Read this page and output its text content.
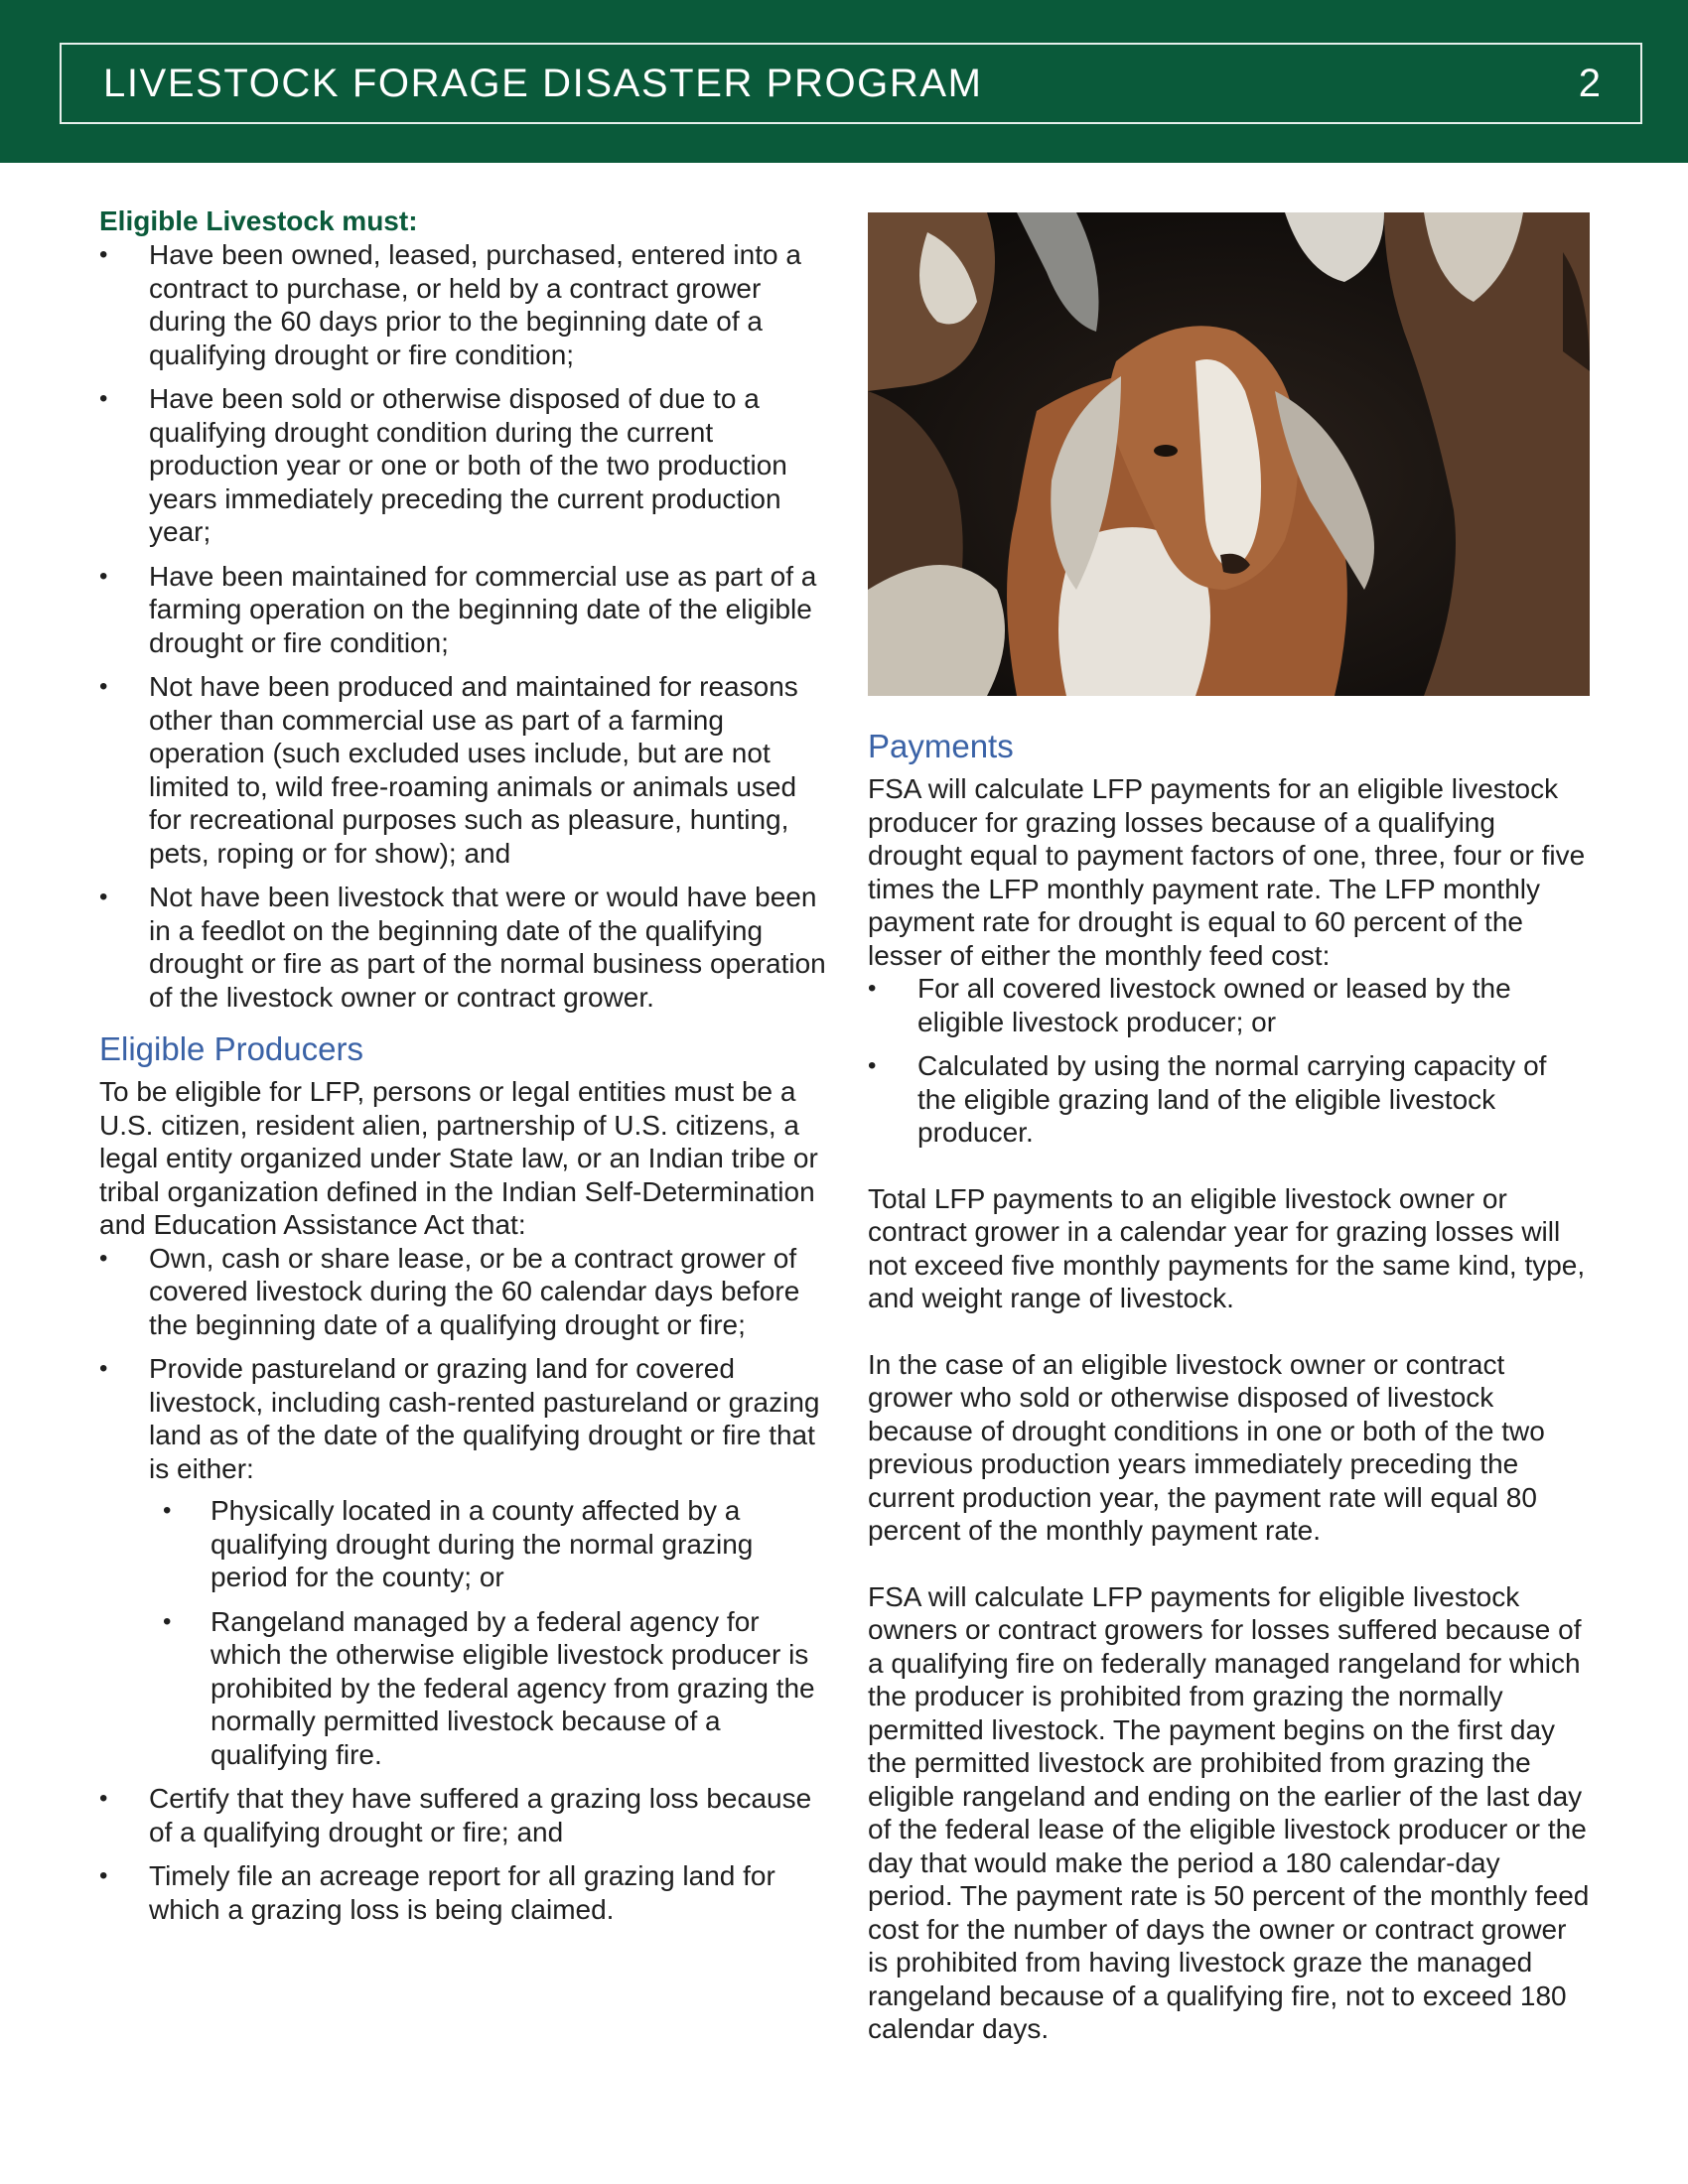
LIVESTOCK FORAGE DISASTER PROGRAM	2
Eligible Livestock must:
• Have been owned, leased, purchased, entered into a contract to purchase, or held by a contract grower during the 60 days prior to the beginning date of a qualifying drought or fire condition;
• Have been sold or otherwise disposed of due to a qualifying drought condition during the current production year or one or both of the two production years immediately preceding the current production year;
• Have been maintained for commercial use as part of a farming operation on the beginning date of the eligible drought or fire condition;
• Not have been produced and maintained for reasons other than commercial use as part of a farming operation (such excluded uses include, but are not limited to, wild free-roaming animals or animals used for recreational purposes such as pleasure, hunting, pets, roping or for show); and
• Not have been livestock that were or would have been in a feedlot on the beginning date of the qualifying drought or fire as part of the normal business operation of the livestock owner or contract grower.
Eligible Producers

To be eligible for LFP, persons or legal entities must be a U.S. citizen, resident alien, partnership of U.S. citizens, a legal entity organized under State law, or an Indian tribe or tribal organization defined in the Indian Self-Determination and Education Assistance Act that:

• Own, cash or share lease, or be a contract grower of covered livestock during the 60 calendar days before the beginning date of a qualifying drought or fire;
• Provide pastureland or grazing land for covered livestock, including cash-rented pastureland or grazing land as of the date of the qualifying drought or fire that is either:
• Physically located in a county affected by a qualifying drought during the normal grazing period for the county; or
• Rangeland managed by a federal agency for which the otherwise eligible livestock producer is prohibited by the federal agency from grazing the normally permitted livestock because of a qualifying fire.
• Certify that they have suffered a grazing loss because of a qualifying drought or fire; and
• Timely file an acreage report for all grazing land for which a grazing loss is being claimed.
Payments

FSA will calculate LFP payments for an eligible livestock producer for grazing losses because of a qualifying drought equal to payment factors of one, three, four or five times the LFP monthly payment rate. The LFP monthly payment rate for drought is equal to 60 percent of the lesser of either the monthly feed cost:

• For all covered livestock owned or leased by the eligible livestock producer; or
• Calculated by using the normal carrying capacity of the eligible grazing land of the eligible livestock producer.

Total LFP payments to an eligible livestock owner or contract grower in a calendar year for grazing losses will not exceed five monthly payments for the same kind, type, and weight range of livestock.

In the case of an eligible livestock owner or contract grower who sold or otherwise disposed of livestock because of drought conditions in one or both of the two previous production years immediately preceding the current production year, the payment rate will equal 80 percent of the monthly payment rate.

FSA will calculate LFP payments for eligible livestock owners or contract growers for losses suffered because of a qualifying fire on federally managed rangeland for which the producer is prohibited from grazing the normally permitted livestock. The payment begins on the first day the permitted livestock are prohibited from grazing the eligible rangeland and ending on the earlier of the last day of the federal lease of the eligible livestock producer or the day that would make the period a 180 calendar-day period. The payment rate is 50 percent of the monthly feed cost for the number of days the owner or contract grower is prohibited from having livestock graze the managed rangeland because of a qualifying fire, not to exceed 180 calendar days.
